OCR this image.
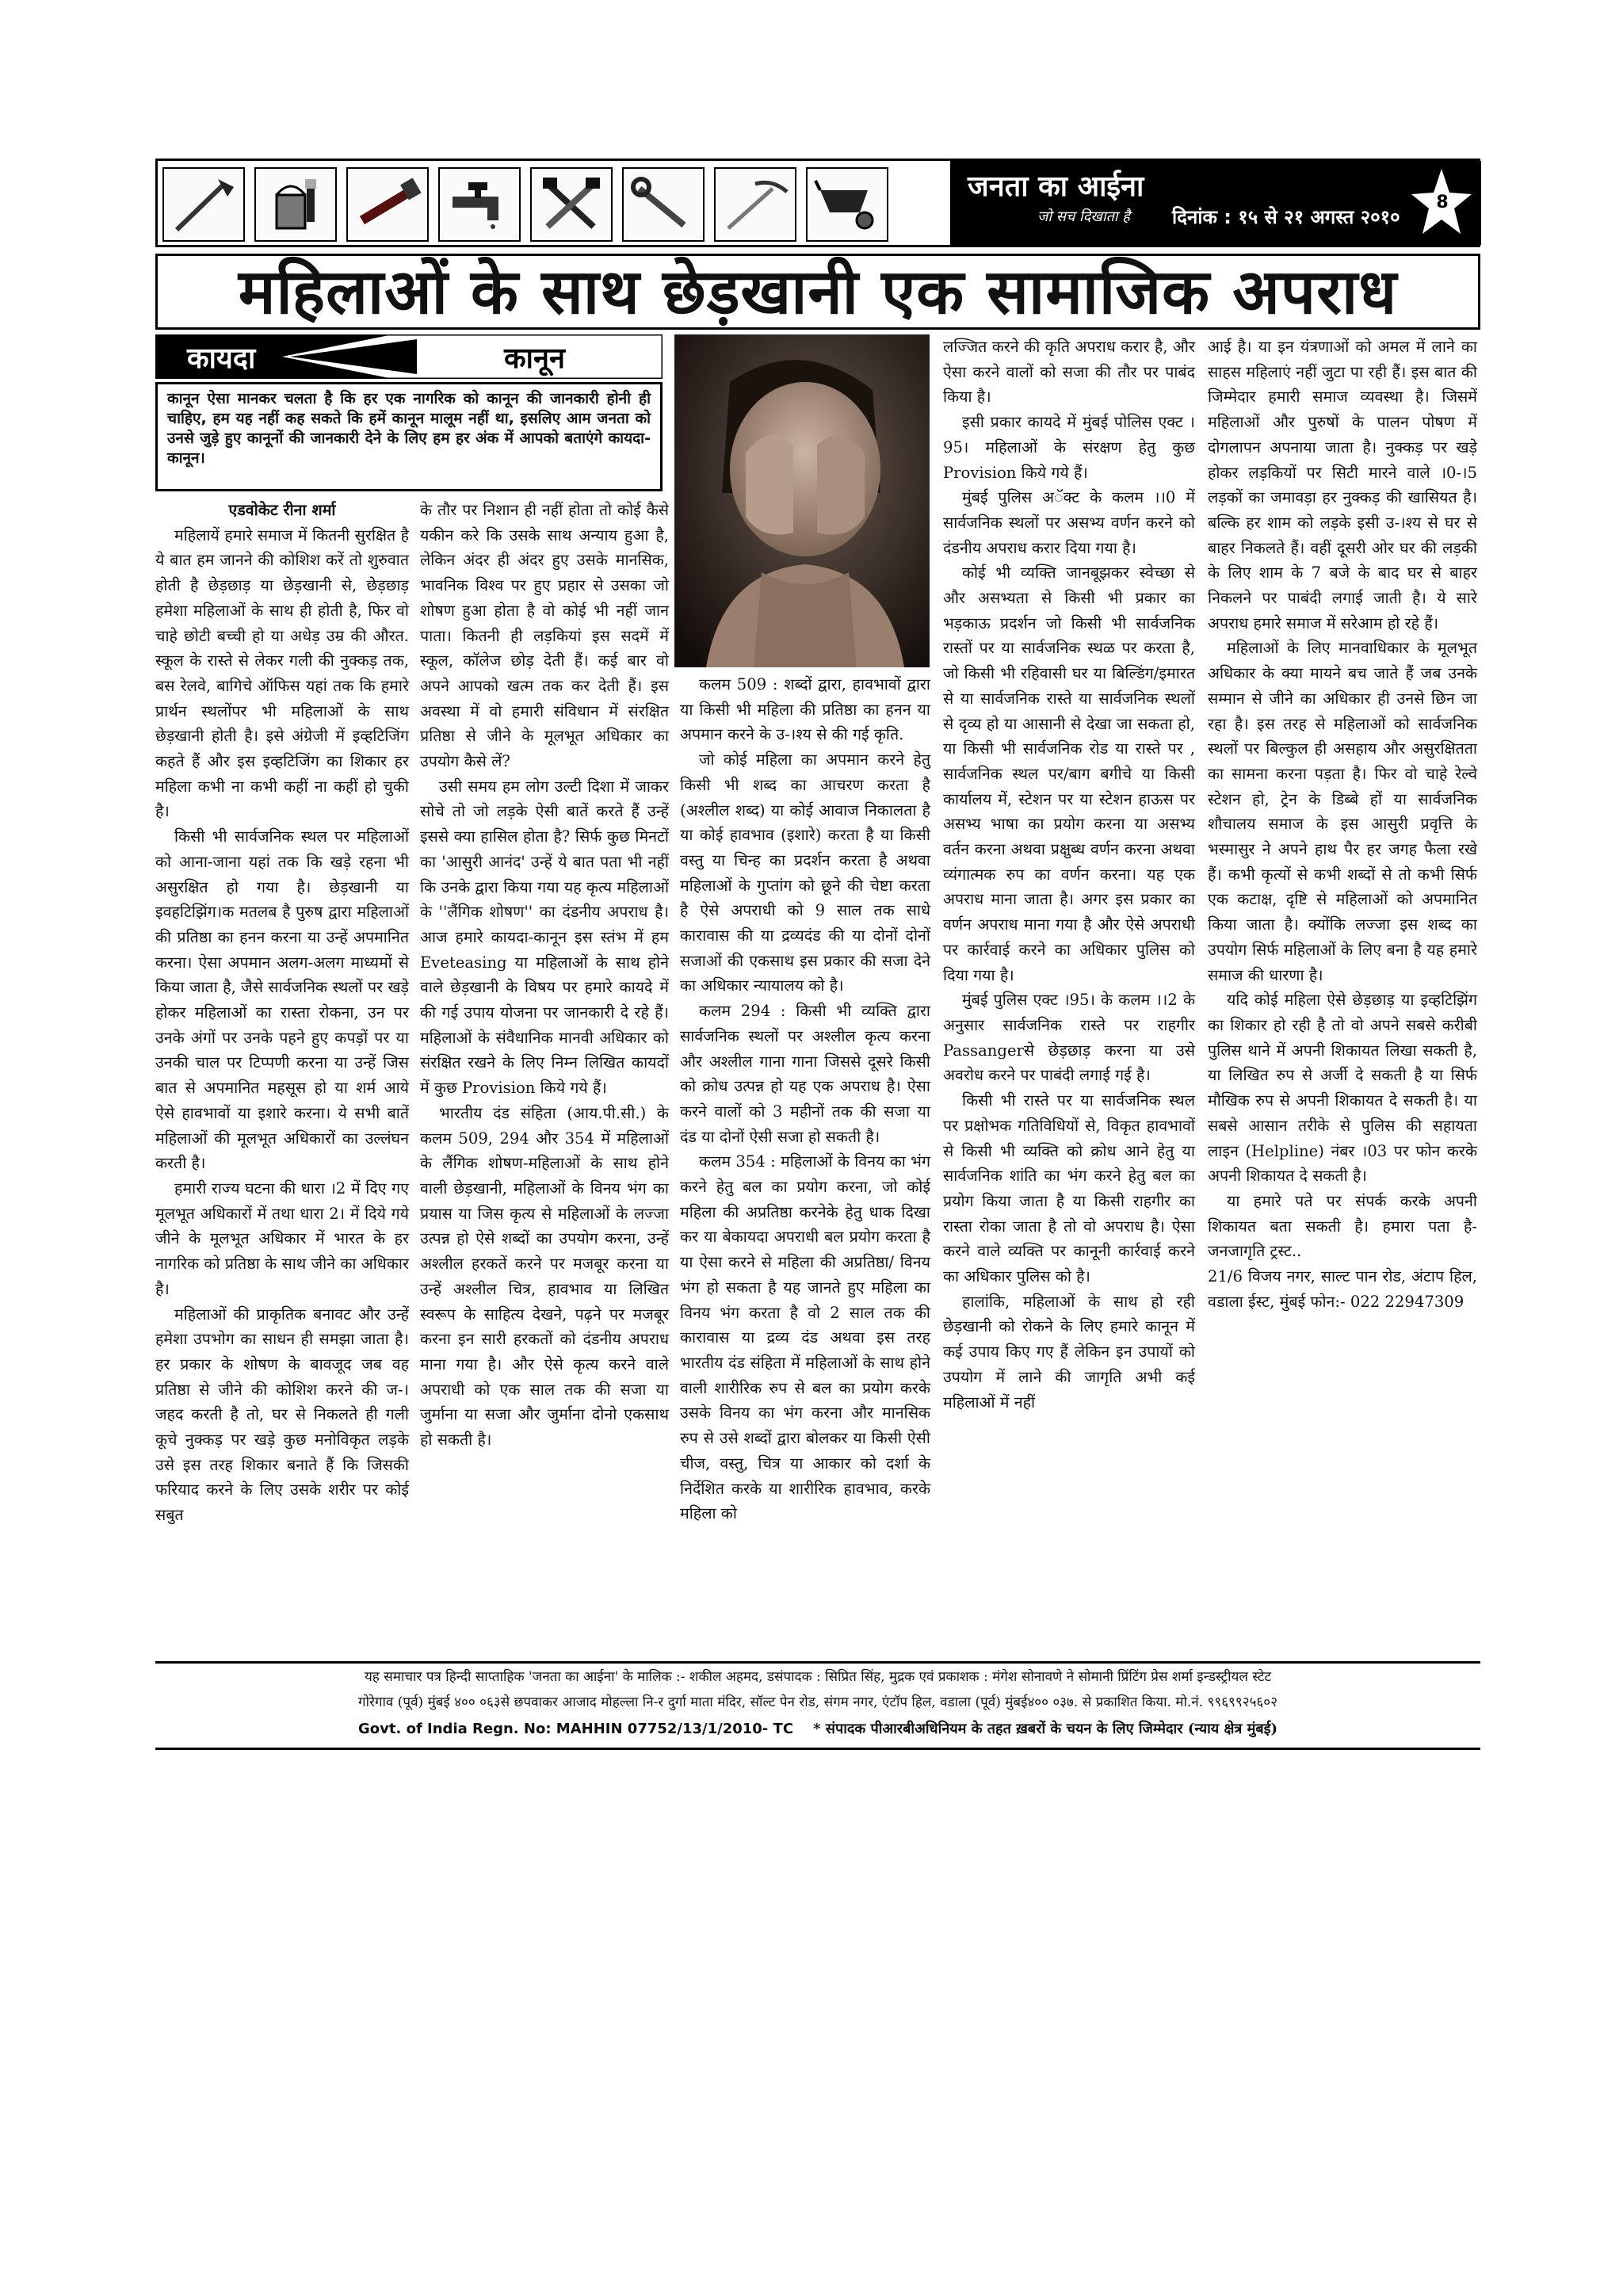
जनता का आईना
जो सच दिखाता है दिनांक : १५ से २१ अगस्त २०१०
8
महिलाओं के साथ छेड़खानी एक सामाजिक अपराध
कायदा	कानून
कानून ऐसा मानकर चलता है कि हर एक नागरिक को कानून की जानकारी होनी ही चाहिए, हम यह नहीं कह सकते कि हमें कानून मालूम नहीं था, इसलिए आम जनता को उनसे जुड़े हुए कानूनों की जानकारी देने के लिए हम हर अंक में आपको बताएंगे कायदा-कानून।

एडवोकेट रीना शर्मा

महिलायें हमारे समाज में कितनी सुरक्षित है ये बात हम जानने की कोशिश करें तो शुरुवात होती है छेड़छाड़ या छेड़खानी से, छेड़छाड़ हमेशा महिलाओं के साथ ही होती है, फिर वो चाहे छोटी बच्ची हो या अधेड़ उम्र की औरत. स्कूल के रास्ते से लेकर गली की नुक्कड़ तक, बस रेलवे, बागिचे ऑफिस यहां तक कि हमारे प्रार्थन स्थलोंपर भी महिलाओं के साथ छेड़खानी होती है। इसे अंग्रेजी में इव्हटिजिंग कहते हैं और इस इव्हटिजिंग का शिकार हर महिला कभी ना कभी कहीं ना कहीं हो चुकी है।

किसी भी सार्वजनिक स्थल पर महिलाओं को आना-जाना यहां तक कि खड़े रहना भी असुरक्षित हो गया है। छेड़खानी या इवहटिझिंग।क मतलब है पुरुष द्वारा महिलाओं की प्रतिष्ठा का हनन करना या उन्हें अपमानित करना। ऐसा अपमान अलग-अलग माध्यमों से किया जाता है, जैसे सार्वजनिक स्थलों पर खड़े होकर महिलाओं का रास्ता रोकना, उन पर उनके अंगों पर उनके पहने हुए कपड़ों पर या उनकी चाल पर टिप्पणी करना या उन्हें जिस बात से अपमानित महसूस हो या शर्म आये ऐसे हावभावों या इशारे करना। ये सभी बातें महिलाओं की मूलभूत अधिकारों का उल्लंघन करती है।

हमारी राज्य घटना की धारा ।2 में दिए गए मूलभूत अधिकारों में तथा धारा 2। में दिये गये जीने के मूलभूत अधिकार में भारत के हर नागरिक को प्रतिष्ठा के साथ जीने का अधिकार है।

महिलाओं की प्राकृतिक बनावट और उन्हें हमेशा उपभोग का साधन ही समझा जाता है। हर प्रकार के शोषण के बावजूद जब वह प्रतिष्ठा से जीने की कोशिश करने की ज-।जहद करती है तो, घर से निकलते ही गली कूचे नुक्कड़ पर खड़े कुछ मनोविकृत लड़के उसे इस तरह शिकार बनाते हैं कि जिसकी फरियाद करने के लिए उसके शरीर पर कोई सबुत

के तौर पर निशान ही नहीं होता तो कोई कैसे यकीन करे कि उसके साथ अन्याय हुआ है, लेकिन अंदर ही अंदर हुए उसके मानसिक, भावनिक विश्‍व पर हुए प्रहार से उसका जो शोषण हुआ होता है वो कोई भी नहीं जान पाता। कितनी ही लड़कियां इस सदमें में स्कूल, कॉलेज छोड़ देती हैं। कई बार वो अपने आपको खत्म तक कर देती हैं। इस अवस्था में वो हमारी संविधान में संरक्षित प्रतिष्ठा से जीने के मूलभूत अधिकार का उपयोग कैसे लें?

उसी समय हम लोग उल्टी दिशा में जाकर सोचे तो जो लड़के ऐसी बातें करते हैं उन्हें इससे क्या हासिल होता है? सिर्फ कुछ मिनटों का 'आसुरी आनंद' उन्हें ये बात पता भी नहीं कि उनके द्वारा किया गया यह कृत्य महिलाओं के ''लैंगिक शोषण'' का दंडनीय अपराध है। आज हमारे कायदा-कानून इस स्तंभ में हम Eveteasing या महिलाओं के साथ होने वाले छेड़खानी के विषय पर हमारे कायदे में की गई उपाय योजना पर जानकारी दे रहे हैं। महिलाओं के संवैधानिक मानवी अधिकार को संरक्षित रखने के लिए निम्न लिखित कायदों में कुछ Provision किये गये हैं।

भारतीय दंड संहिता (आय.पी.सी.) के कलम 509, 294 और 354 में महिलाओं के लैंगिक शोषण-महिलाओं के साथ होने वाली छेड़खानी, महिलाओं के विनय भंग का प्रयास या जिस कृत्य से महिलाओं के लज्जा उत्पन्न हो ऐसे शब्दों का उपयोग करना, उन्हें अश्‍लील हरकतें करने पर मजबूर करना या उन्हें अश्‍लील चित्र, हावभाव या लिखित स्वरूप के साहित्य देखने, पढ़ने पर मजबूर करना इन सारी हरकतों को दंडनीय अपराध माना गया है। और ऐसे कृत्य करने वाले अपराधी को एक साल तक की सजा या जुर्माना या सजा और जुर्माना दोनो एकसाथ हो सकती है।

कलम 509 : शब्दों द्वारा, हावभावों द्वारा या किसी भी महिला की प्रतिष्ठा का हनन या अपमान करने के उ-।श्य से की गई कृति.

जो कोई महिला का अपमान करने हेतु किसी भी शब्द का आचरण करता है (अश्‍लील शब्द) या कोई आवाज निकालता है या कोई हावभाव (इशारे) करता है या किसी वस्तु या चिन्ह का प्रदर्शन करता है अथवा महिलाओं के गुप्तांग को छूने की चेष्टा करता है ऐसे अपराधी को 9 साल तक साधे कारावास की या द्रव्यदंड की या दोनों दोनों सजाओं की एकसाथ इस प्रकार की सजा देने का अधिकार न्यायालय को है।

कलम 294 : किसी भी व्यक्ति द्वारा सार्वजनिक स्थलों पर अश्‍लील कृत्य करना और अश्‍लील गाना गाना जिससे दूसरे किसी को क्रोध उत्पन्न हो यह एक अपराध है। ऐसा करने वालों को 3 महीनों तक की सजा या दंड या दोनों ऐसी सजा हो सकती है।

कलम 354 : महिलाओं के विनय का भंग करने हेतु बल का प्रयोग करना, जो कोई महिला की अप्रतिष्ठा करनेके हेतु धाक दिखा कर या बेकायदा अपराधी बल प्रयोग करता है या ऐसा करने से महिला की अप्रतिष्ठा/ विनय भंग हो सकता है यह जानते हुए महिला का विनय भंग करता है वो 2 साल तक की कारावास या द्रव्य दंड अथवा इस तरह भारतीय दंड संहिता में महिलाओं के साथ होने वाली शारीरिक रुप से बल का प्रयोग करके उसके विनय का भंग करना और मानसिक रुप से उसे शब्दों द्वारा बोलकर या किसी ऐसी चीज, वस्तु, चित्र या आकार को दर्शा के निर्देशित करके या शारीरिक हावभाव, करके महिला को

लज्जित करने की कृति अपराध करार है, और ऐसा करने वालों को सजा की तौर पर पाबंद किया है।

इसी प्रकार कायदे में मुंबई पोलिस एक्ट ।95। महिलाओं के संरक्षण हेतु कुछ Provision किये गये हैं।

मुंबई पुलिस अॅक्ट के कलम ।।0 में सार्वजनिक स्थलों पर असभ्य वर्णन करने को दंडनीय अपराध करार दिया गया है।

कोई भी व्यक्ति जानबूझकर स्वेच्छा से और असभ्यता से किसी भी प्रकार का भड़काऊ प्रदर्शन जो किसी भी सार्वजनिक रास्तों पर या सार्वजनिक स्थळ पर करता है, जो किसी भी रहिवासी घर या बिल्डिंग/इमारत से या सार्वजनिक रास्ते या सार्वजनिक स्थलों से दृव्य हो या आसानी से देखा जा सकता हो, या किसी भी सार्वजनिक रोड या रास्ते पर , सार्वजनिक स्थल पर/बाग बगीचे या किसी कार्यालय में, स्टेशन पर या स्टेशन हाऊस पर असभ्य भाषा का प्रयोग करना या असभ्य वर्तन करना अथवा प्रक्षुब्ध वर्णन करना अथवा व्यंगात्मक रुप का वर्णन करना। यह एक अपराध माना जाता है। अगर इस प्रकार का वर्णन अपराध माना गया है और ऐसे अपराधी पर कार्रवाई करने का अधिकार पुलिस को दिया गया है।

मुंबई पुलिस एक्ट ।95। के कलम ।।2 के अनुसार सार्वजनिक रास्ते पर राहगीर Passangerसे छेड़छाड़ करना या उसे अवरोध करने पर पाबंदी लगाई गई है।

किसी भी रास्ते पर या सार्वजनिक स्थल पर प्रक्षोभक गतिविधियों से, विकृत हावभावों से किसी भी व्यक्ति को क्रोध आने हेतु या सार्वजनिक शांति का भंग करने हेतु बल का प्रयोग किया जाता है या किसी राहगीर का रास्ता रोका जाता है तो वो अपराध है। ऐसा करने वाले व्यक्ति पर कानूनी कार्रवाई करने का अधिकार पुलिस को है।

हालांकि, महिलाओं के साथ हो रही छेड़खानी को रोकने के लिए हमारे कानून में कई उपाय किए गए हैं लेकिन इन उपायों को उपयोग में लाने की जागृति अभी कई महिलाओं में नहीं

आई है। या इन यंत्रणाओं को अमल में लाने का साहस महिलाएं नहीं जुटा पा रही हैं। इस बात की जिम्मेदार हमारी समाज व्यवस्था है। जिसमें महिलाओं और पुरुषों के पालन पोषण में दोगलापन अपनाया जाता है। नुक्कड़ पर खड़े होकर लड़कियों पर सिटी मारने वाले ।0-।5 लड़कों का जमावड़ा हर नुक्कड़ की खासियत है। बल्कि हर शाम को लड़के इसी उ-।श्य से घर से बाहर निकलते हैं। वहीं दूसरी ओर घर की लड़की के लिए शाम के 7 बजे के बाद घर से बाहर निकलने पर पाबंदी लगाई जाती है। ये सारे अपराध हमारे समाज में सरेआम हो रहे हैं।

महिलाओं के लिए मानवाधिकार के मूलभूत अधिकार के क्या मायने बच जाते हैं जब उनके सम्मान से जीने का अधिकार ही उनसे छिन जा रहा है। इस तरह से महिलाओं को सार्वजनिक स्थलों पर बिल्कुल ही असहाय और असुरक्षितता का सामना करना पड़ता है। फिर वो चाहे रेल्वे स्टेशन हो, ट्रेन के डिब्बे हों या सार्वजनिक शौचालय समाज के इस आसुरी प्रवृत्ति के भस्मासुर ने अपने हाथ पैर हर जगह फैला रखे हैं। कभी कृत्यों से कभी शब्दों से तो कभी सिर्फ एक कटाक्ष, दृष्टि से महिलाओं को अपमानित किया जाता है। क्योंकि लज्जा इस शब्द का उपयोग सिर्फ महिलाओं के लिए बना है यह हमारे समाज की धारणा है।

यदि कोई महिला ऐसे छेड़छाड़ या इव्हटिझिंग का शिकार हो रही है तो वो अपने सबसे करीबी पुलिस थाने में अपनी शिकायत लिखा सकती है, या लिखित रुप से अर्जी दे सकती है या सिर्फ मौखिक रुप से अपनी शिकायत दे सकती है। या सबसे आसान तरीके से पुलिस की सहायता लाइन (Helpline) नंबर ।03 पर फोन करके अपनी शिकायत दे सकती है।

या हमारे पते पर संपर्क करके अपनी शिकायत बता सकती है। हमारा पता है- जनजागृति ट्रस्ट..

21/6 विजय नगर, साल्ट पान रोड, अंटाप हिल, वडाला ईस्ट, मुंबई फोन:- 022 22947309

यह समाचार पत्र हिन्दी साप्ताहिक 'जनता का आईना' के मालिक :- शकील अहमद, डसंपादक : सिप्रित सिंह, मुद्रक एवं प्रकाशक : मंगेश सोनावणे ने सोमानी प्रिंटिंग प्रेस शर्मा इन्डस्ट्रीयल स्टेट
गोरेगाव (पूर्व) मुंबई ४०० ०६३से छपवाकर आजाद मोहल्ला नि-र दुर्गा माता मंदिर, सॉल्ट पेन रोड, संगम नगर, एंटॉप हिल, वडाला (पूर्व) मुंबई४०० ०३७. से प्रकाशित किया. मो.नं. ९९६९९२५६०२
Govt. of India Regn. No: MAHHIN 07752/13/1/2010- TC * संपादक पीआरबीअधिनियम के तहत ख़बरों के चयन के लिए जिम्मेदार (न्याय क्षेत्र मुंबई)
